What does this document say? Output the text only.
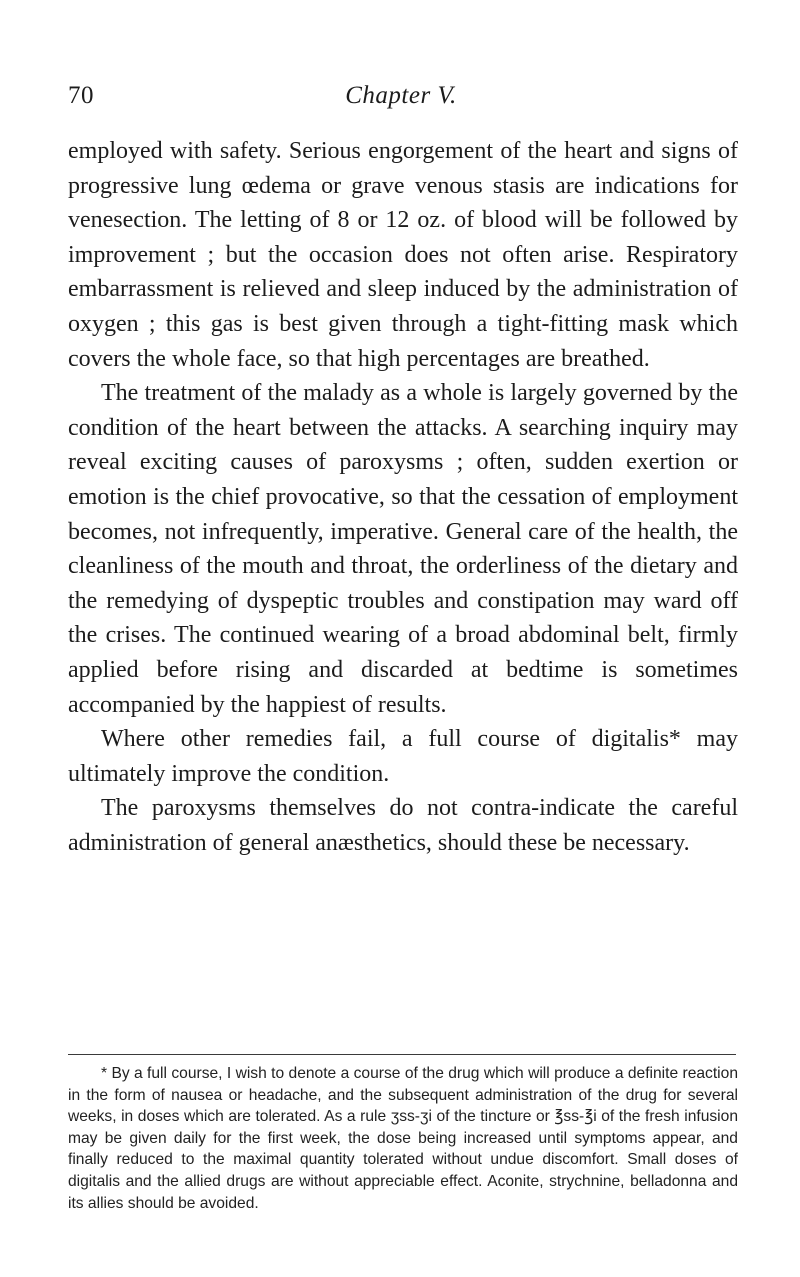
70	Chapter V.

employed with safety. Serious engorgement of the heart and signs of progressive lung œdema or grave venous stasis are indications for venesection. The letting of 8 or 12 oz. of blood will be followed by improvement ; but the occasion does not often arise. Respiratory embarrassment is relieved and sleep induced by the administration of oxygen ; this gas is best given through a tight-fitting mask which covers the whole face, so that high percentages are breathed.

The treatment of the malady as a whole is largely governed by the condition of the heart between the attacks. A searching inquiry may reveal exciting causes of paroxysms ; often, sudden exertion or emotion is the chief provocative, so that the cessation of employment becomes, not infrequently, imperative. General care of the health, the cleanliness of the mouth and throat, the orderliness of the dietary and the remedying of dyspeptic troubles and constipation may ward off the crises. The continued wearing of a broad abdominal belt, firmly applied before rising and discarded at bedtime is sometimes accompanied by the happiest of results.

Where other remedies fail, a full course of digitalis* may ultimately improve the condition.

The paroxysms themselves do not contra-indicate the careful administration of general anæsthetics, should these be necessary.

* By a full course, I wish to denote a course of the drug which will produce a definite reaction in the form of nausea or headache, and the subsequent administration of the drug for several weeks, in doses which are tolerated. As a rule ʒss-ʒi of the tincture or ℥ss-℥i of the fresh infusion may be given daily for the first week, the dose being increased until symptoms appear, and finally reduced to the maximal quantity tolerated without undue discomfort. Small doses of digitalis and the allied drugs are without appreciable effect. Aconite, strychnine, belladonna and its allies should be avoided.
